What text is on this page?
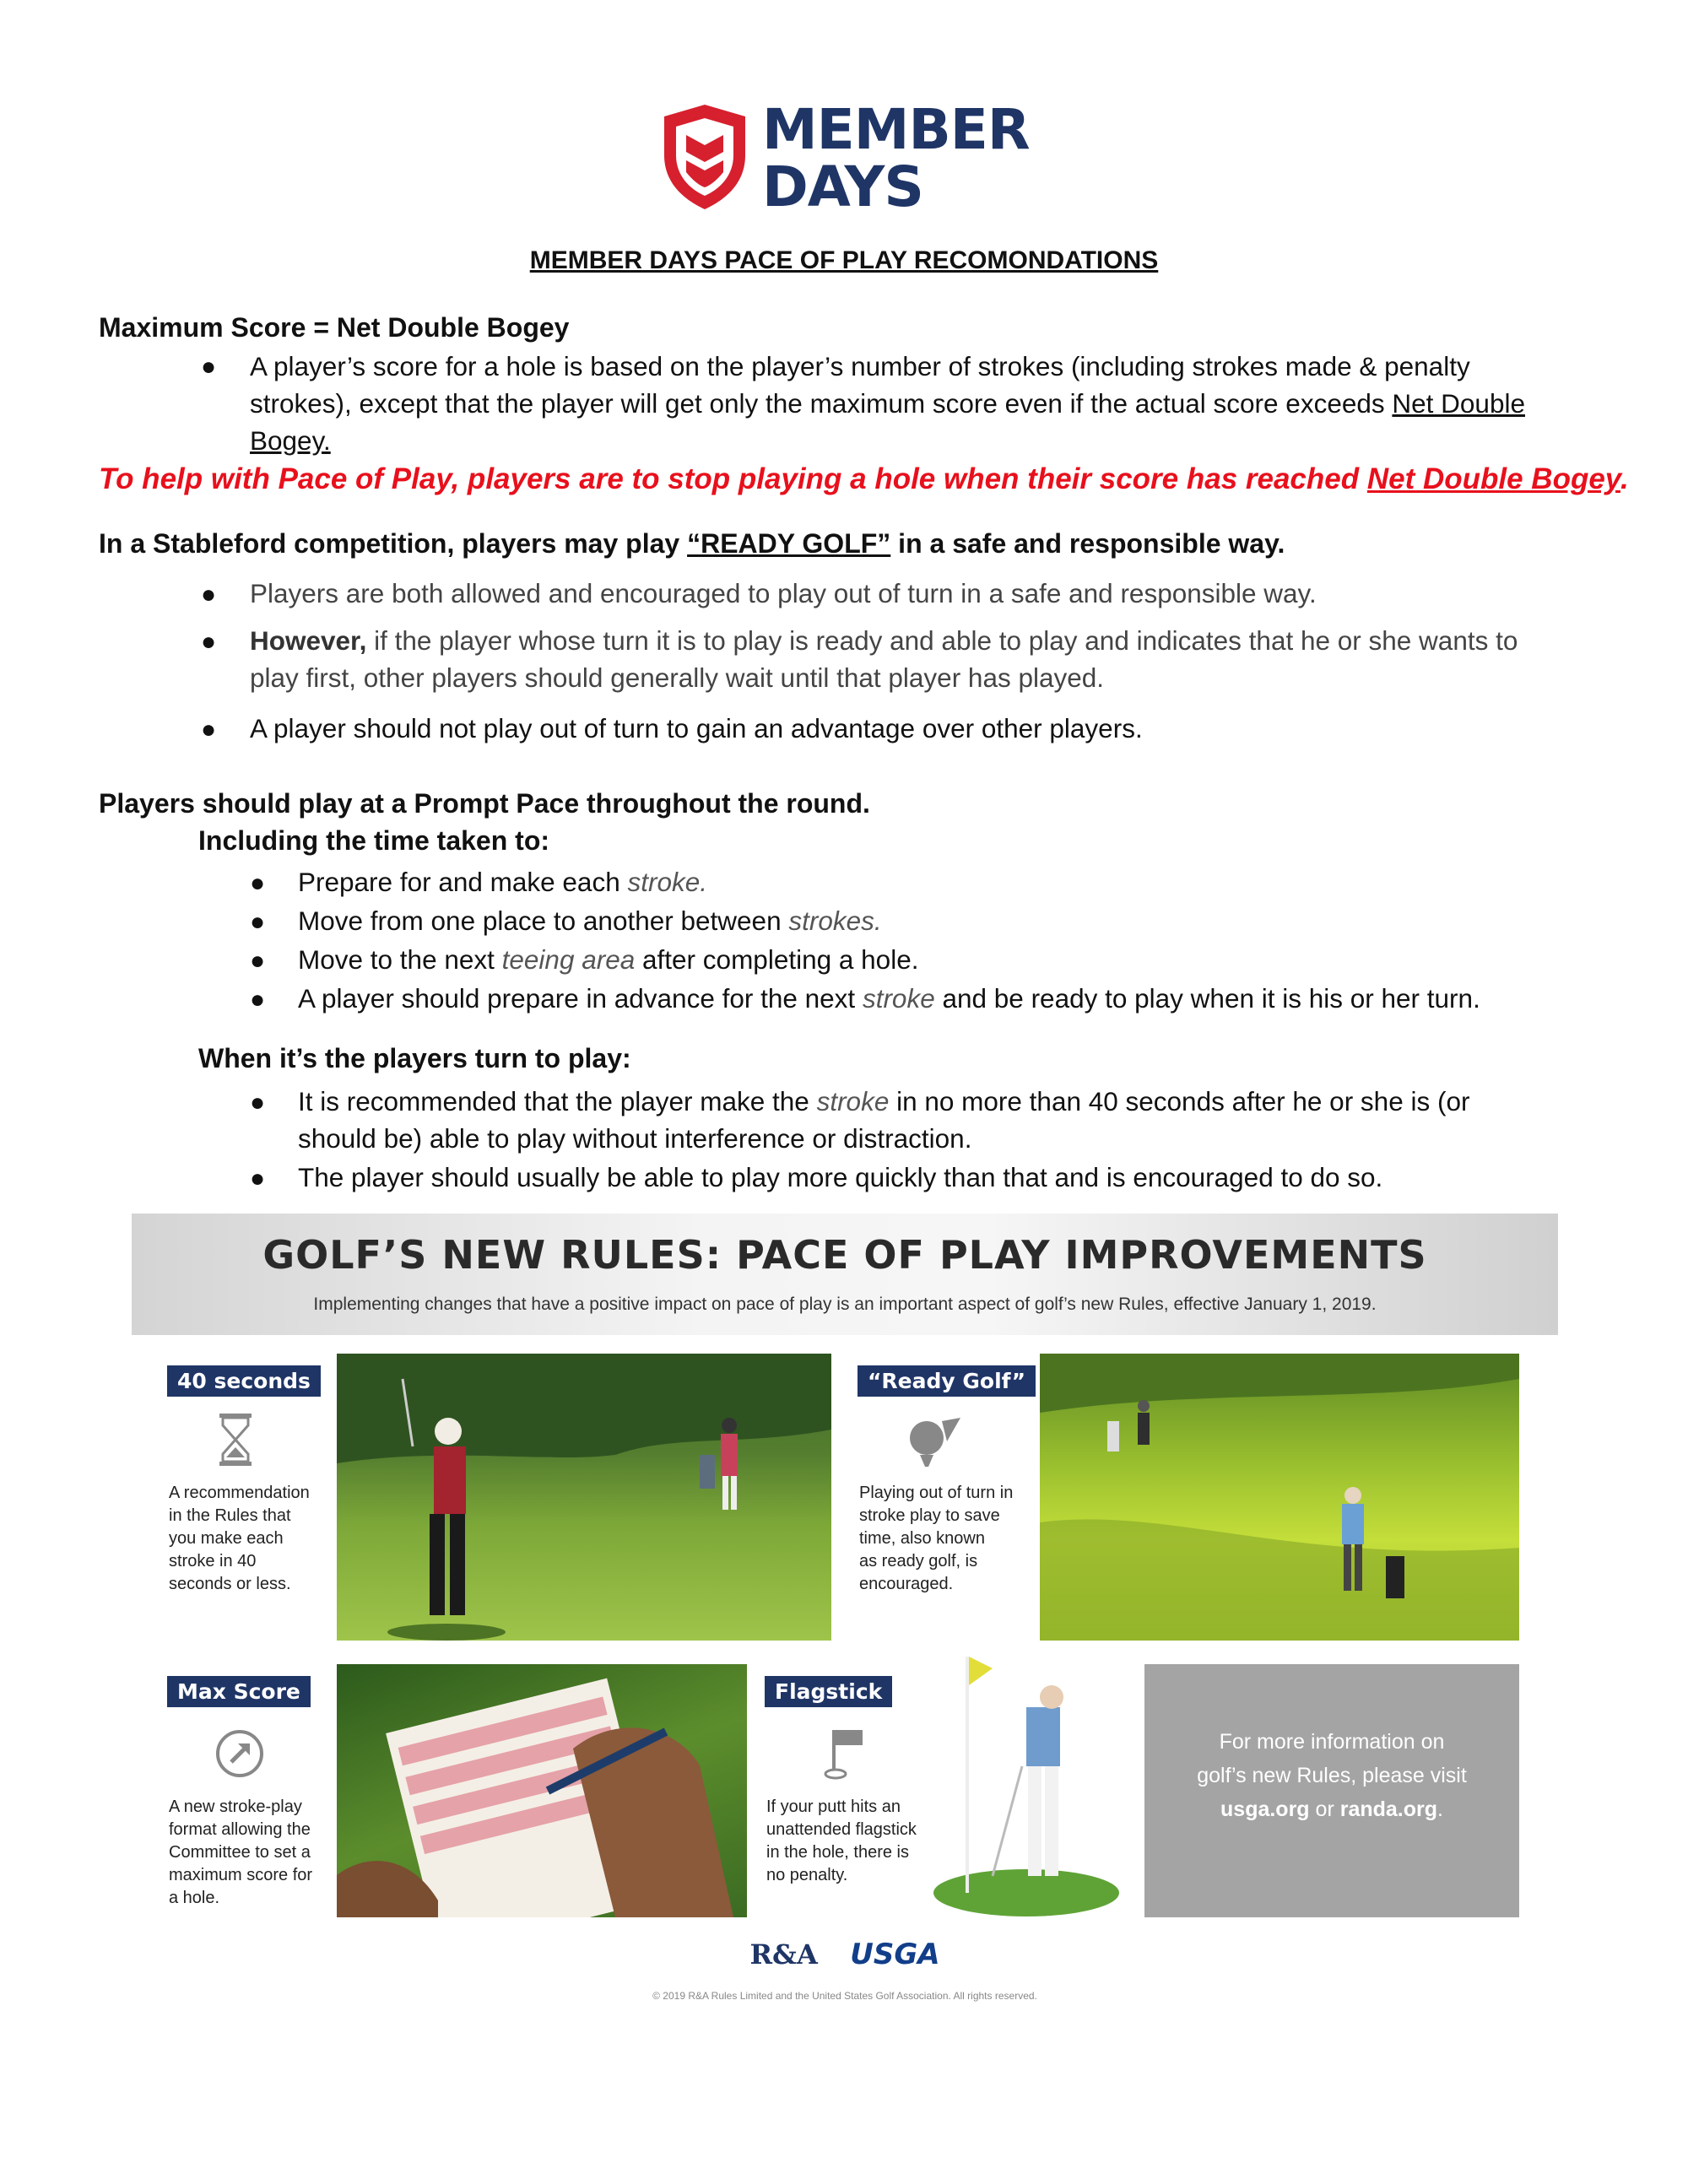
MEMBER
DAYS
MEMBER DAYS PACE OF PLAY RECOMONDATIONS
Maximum Score = Net Double Bogey
● A player’s score for a hole is based on the player’s number of strokes (including strokes made & penalty
strokes), except that the player will get only the maximum score even if the actual score exceeds Net Double
Bogey.
To help with Pace of Play, players are to stop playing a hole when their score has reached Net Double Bogey.
In a Stableford competition, players may play “READY GOLF” in a safe and responsible way.
● Players are both allowed and encouraged to play out of turn in a safe and responsible way.
● However, if the player whose turn it is to play is ready and able to play and indicates that he or she wants to
play first, other players should generally wait until that player has played.
● A player should not play out of turn to gain an advantage over other players.
Players should play at a Prompt Pace throughout the round.
Including the time taken to:
● Prepare for and make each stroke.
● Move from one place to another between strokes.
● Move to the next teeing area after completing a hole.
● A player should prepare in advance for the next stroke and be ready to play when it is his or her turn.
When it’s the players turn to play:
● It is recommended that the player make the stroke in no more than 40 seconds after he or she is (or
should be) able to play without interference or distraction.
● The player should usually be able to play more quickly than that and is encouraged to do so.
GOLF’S NEW RULES: PACE OF PLAY IMPROVEMENTS
Implementing changes that have a positive impact on pace of play is an important aspect of golf’s new Rules, effective January 1, 2019.
40 seconds
A recommendation
in the Rules that
you make each
stroke in 40
seconds or less.
“Ready Golf”
Playing out of turn in
stroke play to save
time, also known
as ready golf, is
encouraged.
Max Score
A new stroke-play
format allowing the
Committee to set a
maximum score for
a hole.
Flagstick
If your putt hits an
unattended flagstick
in the hole, there is
no penalty.
For more information on
golf’s new Rules, please visit
usga.org or randa.org.
R&A USGA
© 2019 R&A Rules Limited and the United States Golf Association. All rights reserved.
